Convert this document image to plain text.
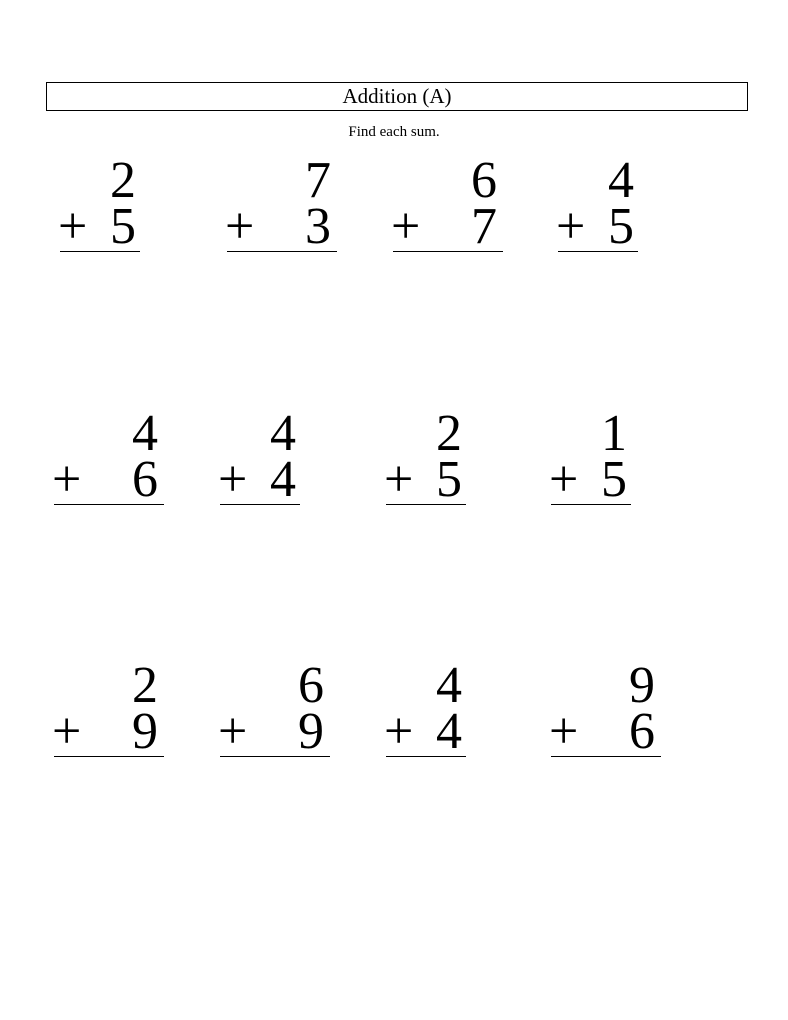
Addition (A)
Find each sum.
2
+ 5
7
+ 3
6
+ 7
4
+ 5
4
+ 6
4
+ 4
2
+ 5
1
+ 5
2
+ 9
6
+ 9
4
+ 4
9
+ 6
